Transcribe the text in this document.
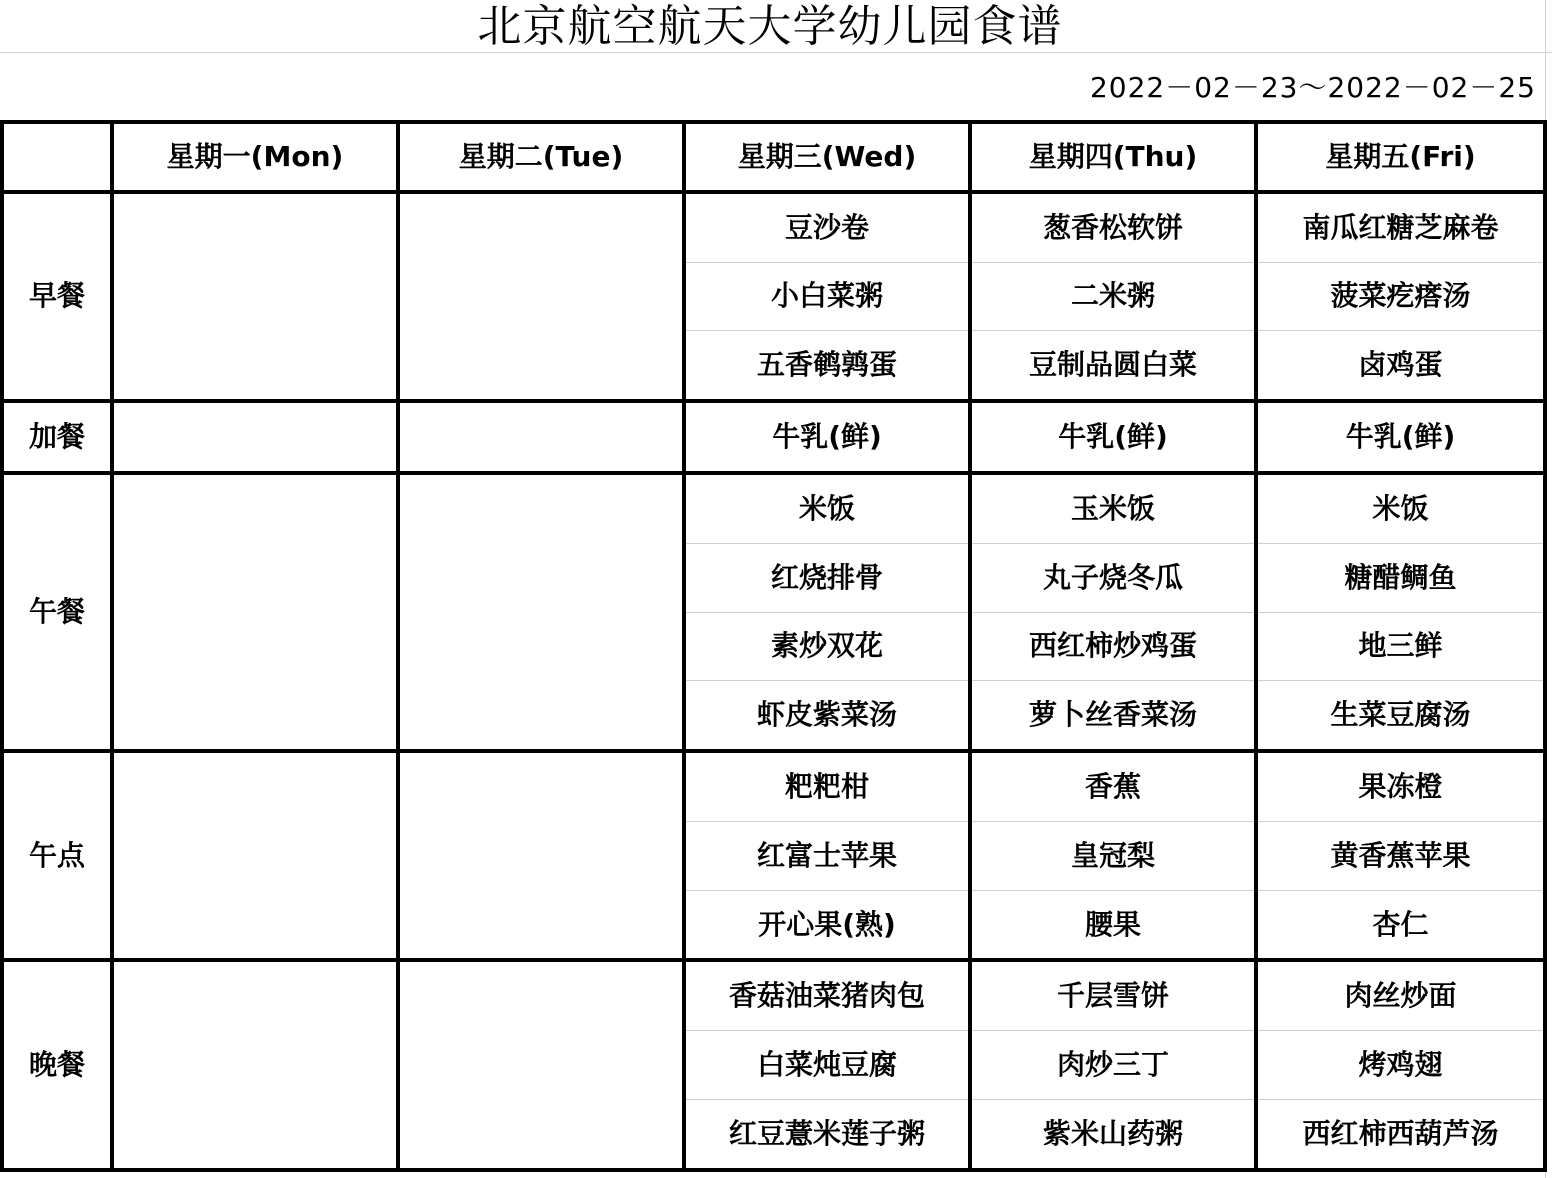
北京航空航天大学幼儿园食谱
2022－02－23～2022－02－25
	星期一(Mon)	星期二(Tue)	星期三(Wed)	星期四(Thu)	星期五(Fri)
早餐			豆沙卷	葱香松软饼	南瓜红糖芝麻卷
			小白菜粥	二米粥	菠菜疙瘩汤
			五香鹌鹑蛋	豆制品圆白菜	卤鸡蛋
加餐			牛乳(鲜)	牛乳(鲜)	牛乳(鲜)
午餐			米饭	玉米饭	米饭
			红烧排骨	丸子烧冬瓜	糖醋鲷鱼
			素炒双花	西红柿炒鸡蛋	地三鲜
			虾皮紫菜汤	萝卜丝香菜汤	生菜豆腐汤
午点			粑粑柑	香蕉	果冻橙
			红富士苹果	皇冠梨	黄香蕉苹果
			开心果(熟)	腰果	杏仁
晚餐			香菇油菜猪肉包	千层雪饼	肉丝炒面
			白菜炖豆腐	肉炒三丁	烤鸡翅
			红豆薏米莲子粥	紫米山药粥	西红柿西葫芦汤
